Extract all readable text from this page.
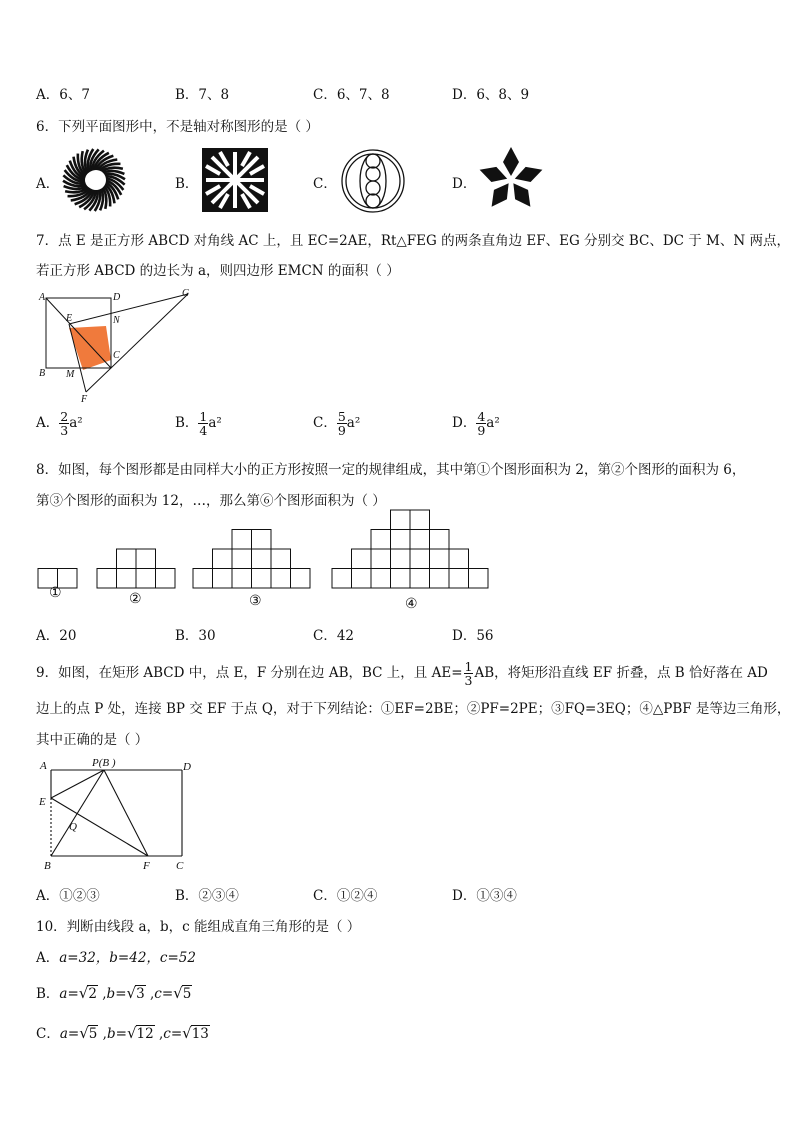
A．6、7	B．7、8	C．6、7、8	D．6、8、9
6．下列平面图形中，不是轴对称图形的是（ ）
A．	B．	C．	D．
7．点 E 是正方形 ABCD 对角线 AC 上，且 EC=2AE，Rt△FEG 的两条直角边 EF、EG 分别交 BC、DC 于 M、N 两点，
若正方形 ABCD 的边长为 a，则四边形 EMCN 的面积（ ）
A	D	G
E	N
C
B M
F
A． $\frac{2}{3} a^2$	B． $\frac{1}{4} a^2$	C． $\frac{5}{9} a^2$	D． $\frac{4}{9} a^2$
8．如图，每个图形都是由同样大小的正方形按照一定的规律组成，其中第①个图形面积为 2，第②个图形的面积为 6，
第③个图形的面积为 12，…，那么第⑥个图形面积为（ ）
①	②	③	④
A．20	B．30	C．42	D．56
9．如图，在矩形 ABCD 中，点 E，F 分别在边 AB，BC 上，且 $AE= \frac{1}{3}$ AB，将矩形沿直线 EF 折叠，点 B 恰好落在 AD
边上的点 P 处，连接 BP 交 EF 于点 Q，对于下列结论：①EF=2BE；②PF=2PE；③FQ=3EQ；④△PBF 是等边三角形，
其中正确的是（ ）
A	P(B )	D
E
Q
B	F C
A．①②③	B．②③④	C．①②④	D．①③④
10．判断由线段 a，b，c 能组成直角三角形的是（ ）
A．a=32，b=42，c=52
B．a=√2 ,b=√3 ,c=√5
C．a=√5 ,b=√12 ,c=√13
